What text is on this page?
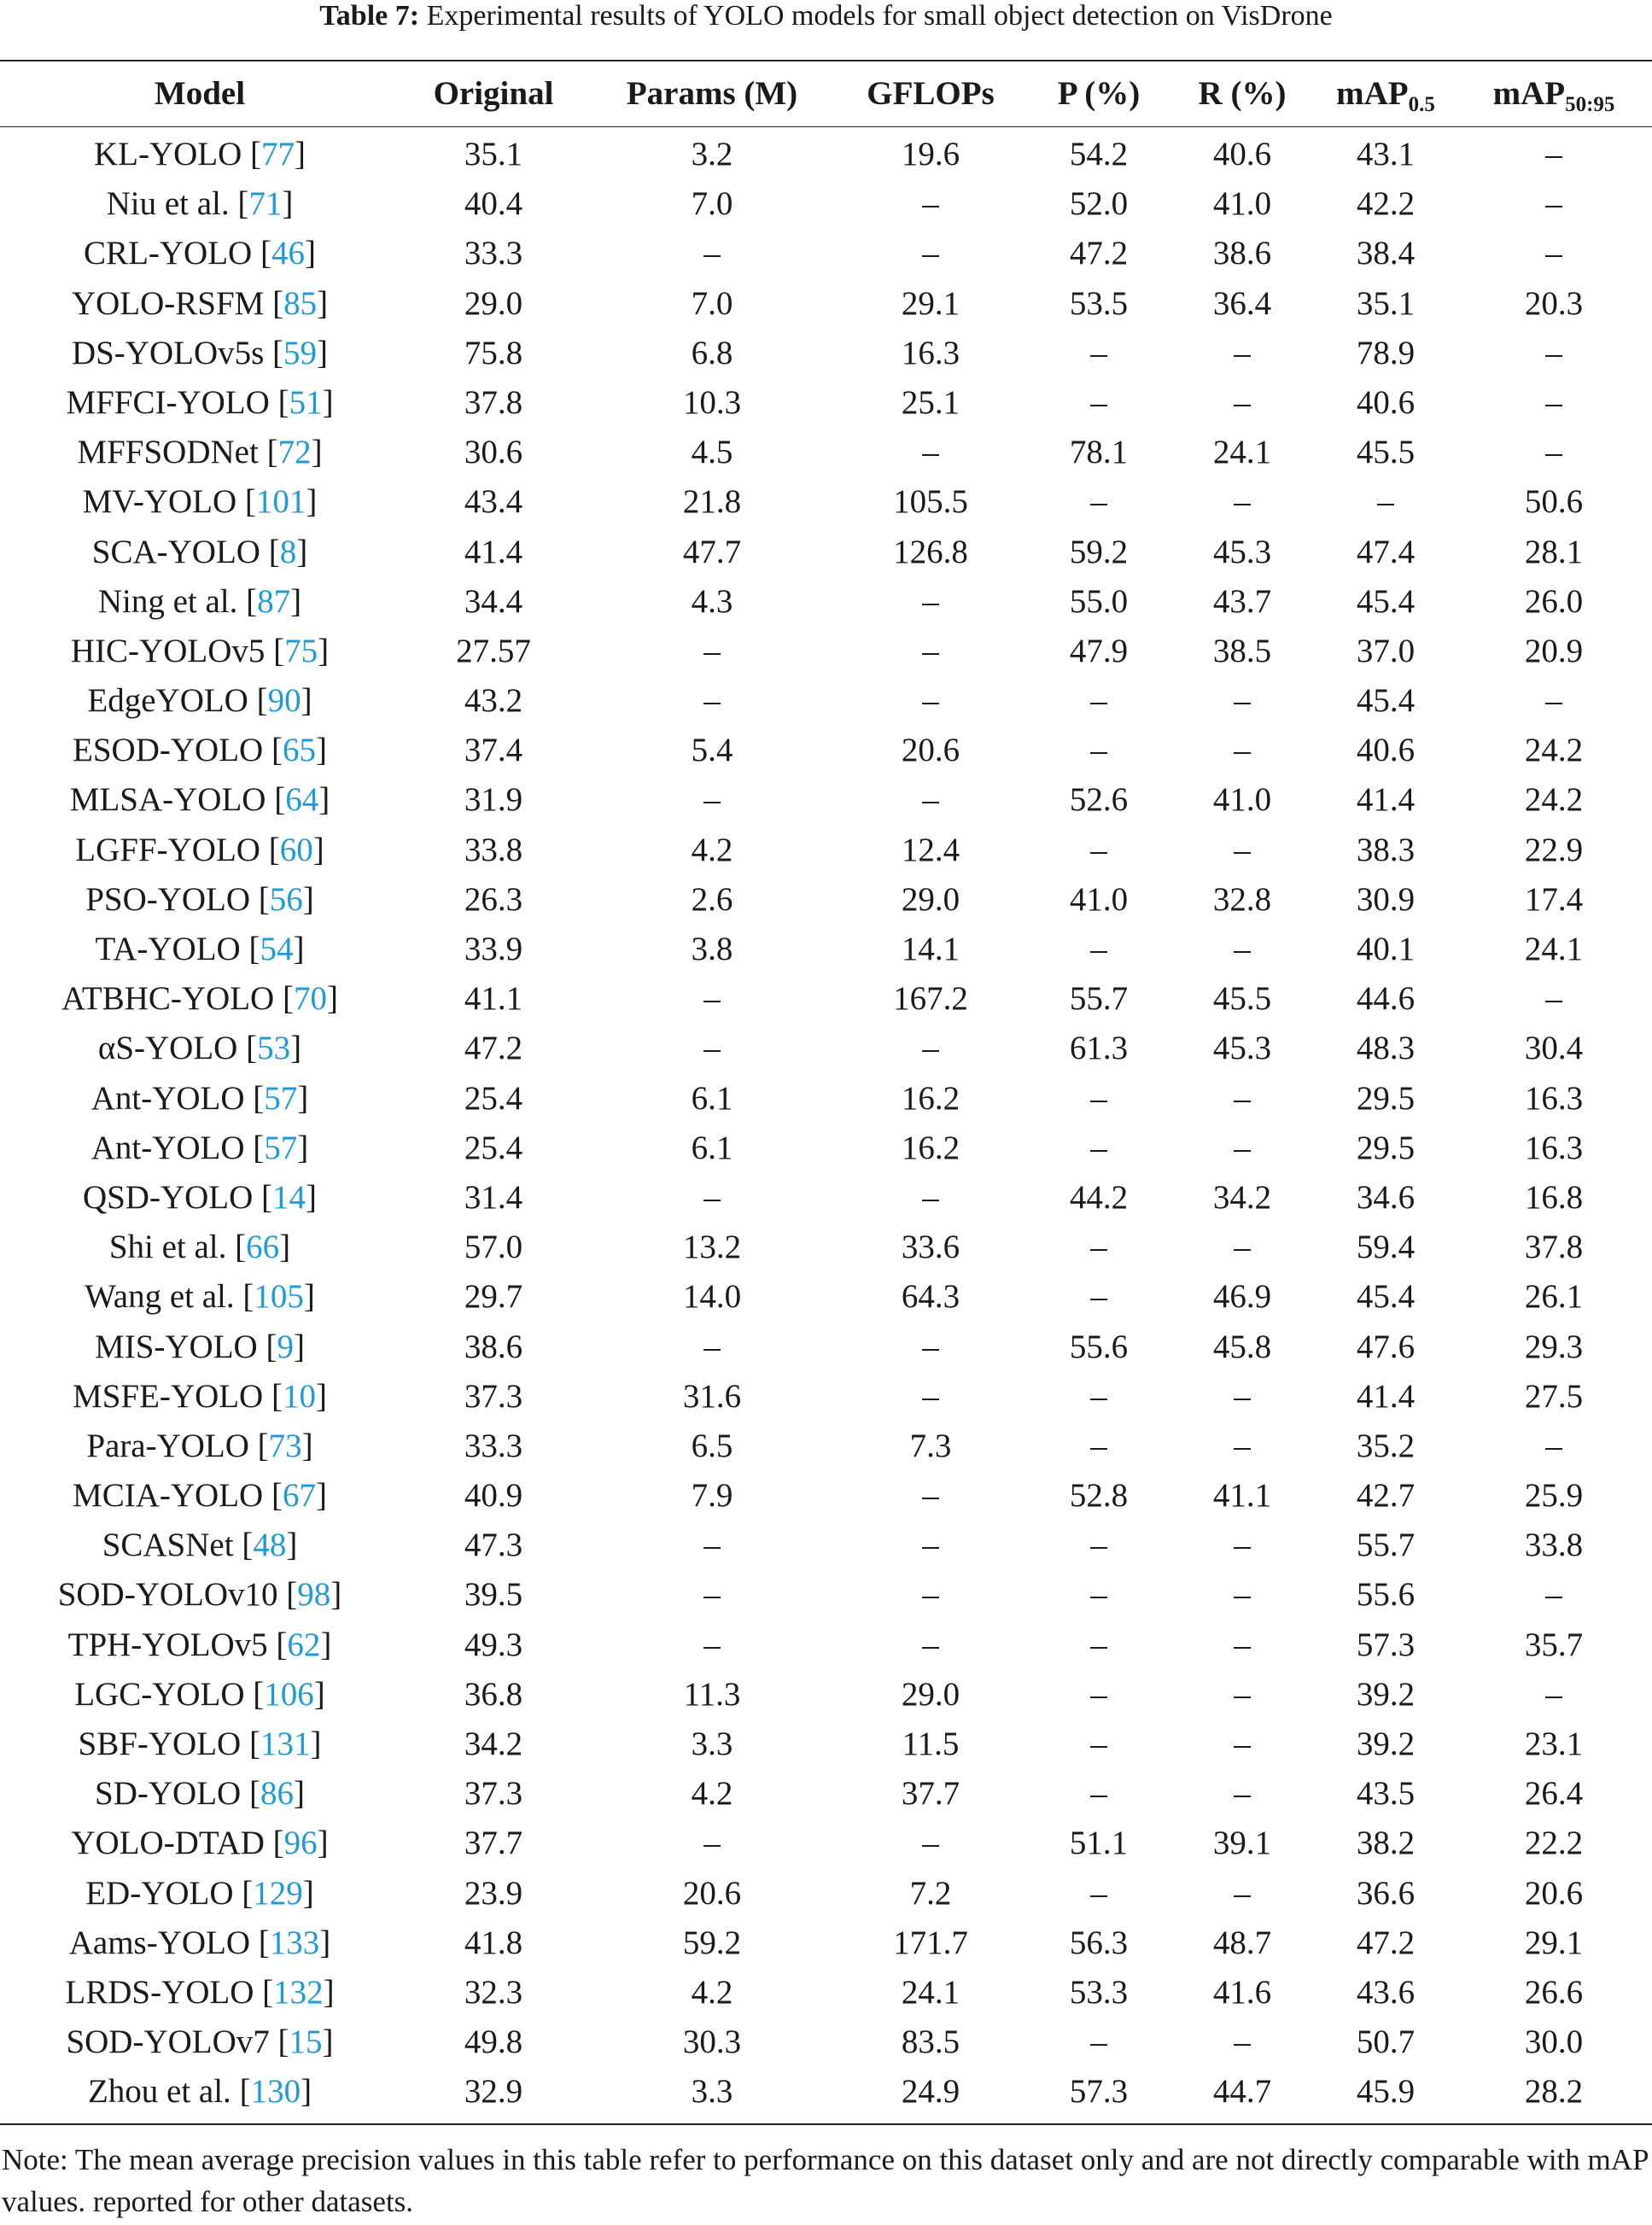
Table 7: Experimental results of YOLO models for small object detection on VisDrone
Model	Original	Params (M)	GFLOPs	P (%)	R (%)	mAP$_{0.5}$	mAP$_{50:95}$
KL-YOLO [77]	35.1	3.2	19.6	54.2	40.6	43.1	–
Niu et al. [71]	40.4	7.0	–	52.0	41.0	42.2	–
CRL-YOLO [46]	33.3	–	–	47.2	38.6	38.4	–
YOLO-RSFM [85]	29.0	7.0	29.1	53.5	36.4	35.1	20.3
DS-YOLOv5s [59]	75.8	6.8	16.3	–	–	78.9	–
MFFCI-YOLO [51]	37.8	10.3	25.1	–	–	40.6	–
MFFSODNet [72]	30.6	4.5	–	78.1	24.1	45.5	–
MV-YOLO [101]	43.4	21.8	105.5	–	–	–	50.6
SCA-YOLO [8]	41.4	47.7	126.8	59.2	45.3	47.4	28.1
Ning et al. [87]	34.4	4.3	–	55.0	43.7	45.4	26.0
HIC-YOLOv5 [75]	27.57	–	–	47.9	38.5	37.0	20.9
EdgeYOLO [90]	43.2	–	–	–	–	45.4	–
ESOD-YOLO [65]	37.4	5.4	20.6	–	–	40.6	24.2
MLSA-YOLO [64]	31.9	–	–	52.6	41.0	41.4	24.2
LGFF-YOLO [60]	33.8	4.2	12.4	–	–	38.3	22.9
PSO-YOLO [56]	26.3	2.6	29.0	41.0	32.8	30.9	17.4
TA-YOLO [54]	33.9	3.8	14.1	–	–	40.1	24.1
ATBHC-YOLO [70]	41.1	–	167.2	55.7	45.5	44.6	–
αS-YOLO [53]	47.2	–	–	61.3	45.3	48.3	30.4
Ant-YOLO [57]	25.4	6.1	16.2	–	–	29.5	16.3
Ant-YOLO [57]	25.4	6.1	16.2	–	–	29.5	16.3
QSD-YOLO [14]	31.4	–	–	44.2	34.2	34.6	16.8
Shi et al. [66]	57.0	13.2	33.6	–	–	59.4	37.8
Wang et al. [105]	29.7	14.0	64.3	–	46.9	45.4	26.1
MIS-YOLO [9]	38.6	–	–	55.6	45.8	47.6	29.3
MSFE-YOLO [10]	37.3	31.6	–	–	–	41.4	27.5
Para-YOLO [73]	33.3	6.5	7.3	–	–	35.2	–
MCIA-YOLO [67]	40.9	7.9	–	52.8	41.1	42.7	25.9
SCASNet [48]	47.3	–	–	–	–	55.7	33.8
SOD-YOLOv10 [98]	39.5	–	–	–	–	55.6	–
TPH-YOLOv5 [62]	49.3	–	–	–	–	57.3	35.7
LGC-YOLO [106]	36.8	11.3	29.0	–	–	39.2	–
SBF-YOLO [131]	34.2	3.3	11.5	–	–	39.2	23.1
SD-YOLO [86]	37.3	4.2	37.7	–	–	43.5	26.4
YOLO-DTAD [96]	37.7	–	–	51.1	39.1	38.2	22.2
ED-YOLO [129]	23.9	20.6	7.2	–	–	36.6	20.6
Aams-YOLO [133]	41.8	59.2	171.7	56.3	48.7	47.2	29.1
LRDS-YOLO [132]	32.3	4.2	24.1	53.3	41.6	43.6	26.6
SOD-YOLOv7 [15]	49.8	30.3	83.5	–	–	50.7	30.0
Zhou et al. [130]	32.9	3.3	24.9	57.3	44.7	45.9	28.2
Note: The mean average precision values in this table refer to performance on this dataset only and are not directly comparable with mAP values. reported for other datasets.
